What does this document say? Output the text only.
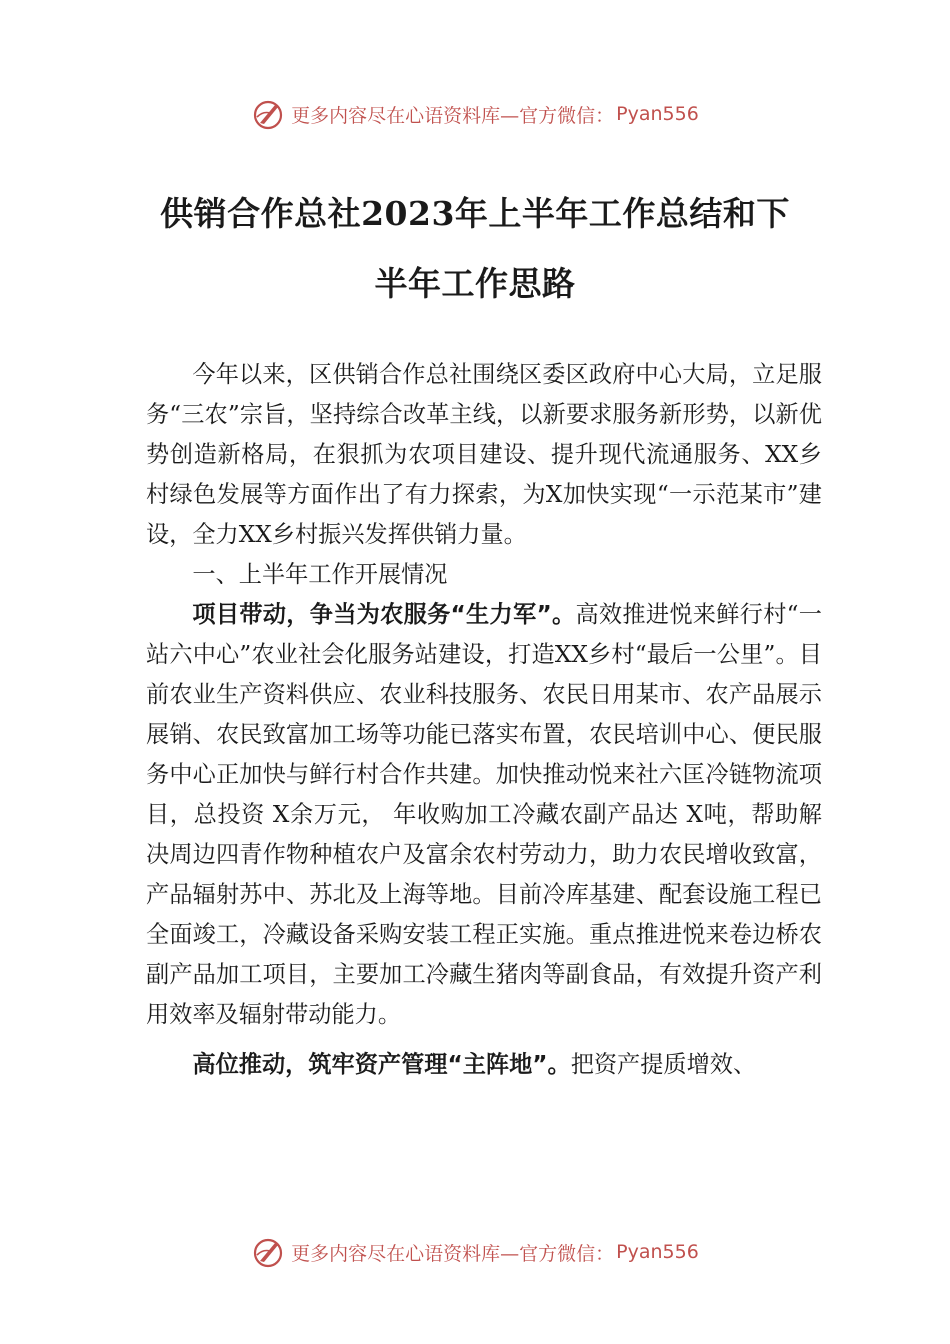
更多内容尽在心语资料库—官方微信： Pyan556
供销合作总社2023年上半年工作总结和下
半年工作思路

今年以来，区供销合作总社围绕区委区政府中心大局，立足服务“三农”宗旨，坚持综合改革主线，以新要求服务新形势，以新优势创造新格局，在狠抓为农项目建设、提升现代流通服务、XX乡村绿色发展等方面作出了有力探索，为X加快实现“一示范某市”建设，全力XX乡村振兴发挥供销力量。

一、上半年工作开展情况

项目带动，争当为农服务“生力军”。高效推进悦来鲜行村“一站六中心”农业社会化服务站建设，打造XX乡村“最后一公里”。目前农业生产资料供应、农业科技服务、农民日用某市、农产品展示展销、农民致富加工场等功能已落实布置，农民培训中心、便民服务中心正加快与鲜行村合作共建。加快推动悦来社六匡冷链物流项目，总投资 X余万元， 年收购加工冷藏农副产品达 X吨，帮助解决周边四青作物种植农户及富余农村劳动力，助力农民增收致富，产品辐射苏中、苏北及上海等地。目前冷库基建、配套设施工程已全面竣工，冷藏设备采购安装工程正实施。重点推进悦来卷边桥农副产品加工项目，主要加工冷藏生猪肉等副食品，有效提升资产利用效率及辐射带动能力。

高位推动，筑牢资产管理“主阵地”。把资产提质增效、

更多内容尽在心语资料库—官方微信： Pyan556
